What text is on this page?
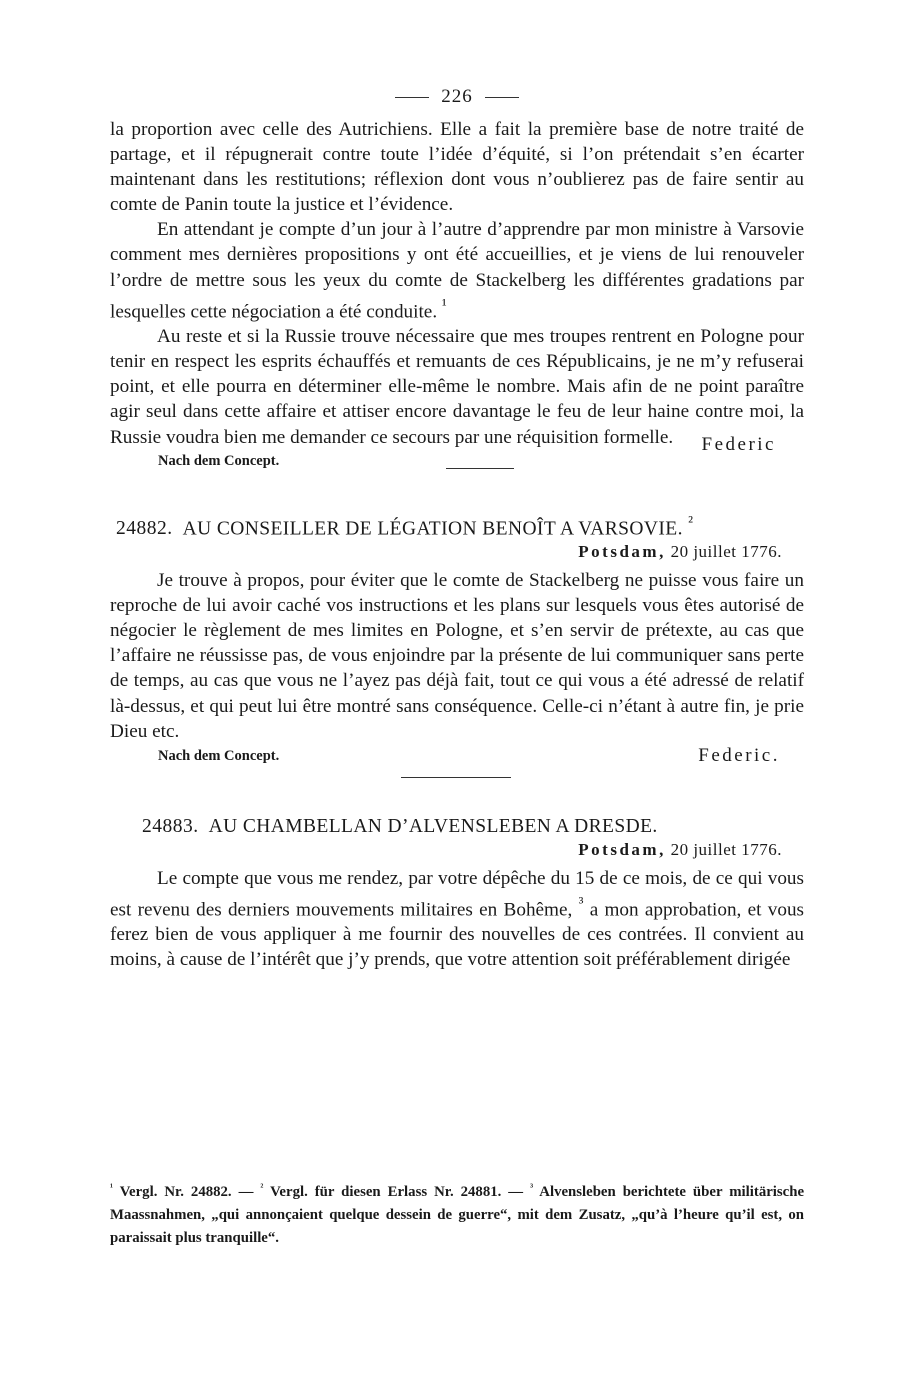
226

la proportion avec celle des Autrichiens. Elle a fait la première base de notre traité de partage, et il répugnerait contre toute l’idée d’équité, si l’on prétendait s’en écarter maintenant dans les restitutions; réflexion dont vous n’oublierez pas de faire sentir au comte de Panin toute la justice et l’évidence.

En attendant je compte d’un jour à l’autre d’apprendre par mon ministre à Varsovie comment mes dernières propositions y ont été accueillies, et je viens de lui renouveler l’ordre de mettre sous les yeux du comte de Stackelberg les différentes gradations par lesquelles cette négociation a été conduite. $^{^1}$

Au reste et si la Russie trouve nécessaire que mes troupes rentrent en Pologne pour tenir en respect les esprits échauffés et remuants de ces Républicains, je ne m’y refuserai point, et elle pourra en déterminer elle-même le nombre. Mais afin de ne point paraître agir seul dans cette affaire et attiser encore davantage le feu de leur haine contre moi, la Russie voudra bien me demander ce secours par une réquisition formelle.	Federic
Nach dem Concept.
24882. AU CONSEILLER DE LÉGATION BENOÎT A VARSOVIE. $^{^2}$
Potsdam, 20 juillet 1776.

Je trouve à propos, pour éviter que le comte de Stackelberg ne puisse vous faire un reproche de lui avoir caché vos instructions et les plans sur lesquels vous êtes autorisé de négocier le règlement de mes limites en Pologne, et s’en servir de prétexte, au cas que l’affaire ne réussisse pas, de vous enjoindre par la présente de lui communiquer sans perte de temps, au cas que vous ne l’ayez pas déjà fait, tout ce qui vous a été adressé de relatif là-dessus, et qui peut lui être montré sans conséquence. Celle-ci n’étant à autre fin, je prie Dieu etc.

Nach dem Concept.	Federic.
24883. AU CHAMBELLAN D’ALVENSLEBEN A DRESDE.
Potsdam, 20 juillet 1776.

Le compte que vous me rendez, par votre dépêche du 15 de ce mois, de ce qui vous est revenu des derniers mouvements militaires en Bohême, $^{^3}$ a mon approbation, et vous ferez bien de vous appliquer à me fournir des nouvelles de ces contrées. Il convient au moins, à cause de l’intérêt que j’y prends, que votre attention soit préférablement dirigée

$^{^1}$ Vergl. Nr. 24882. — $^{^2}$ Vergl. für diesen Erlass Nr. 24881. — $^{^3}$ Alvensleben berichtete über militärische Maassnahmen, „qui annonçaient quelque dessein de guerre“, mit dem Zusatz, „qu’à l’heure qu’il est, on paraissait plus tranquille“.
